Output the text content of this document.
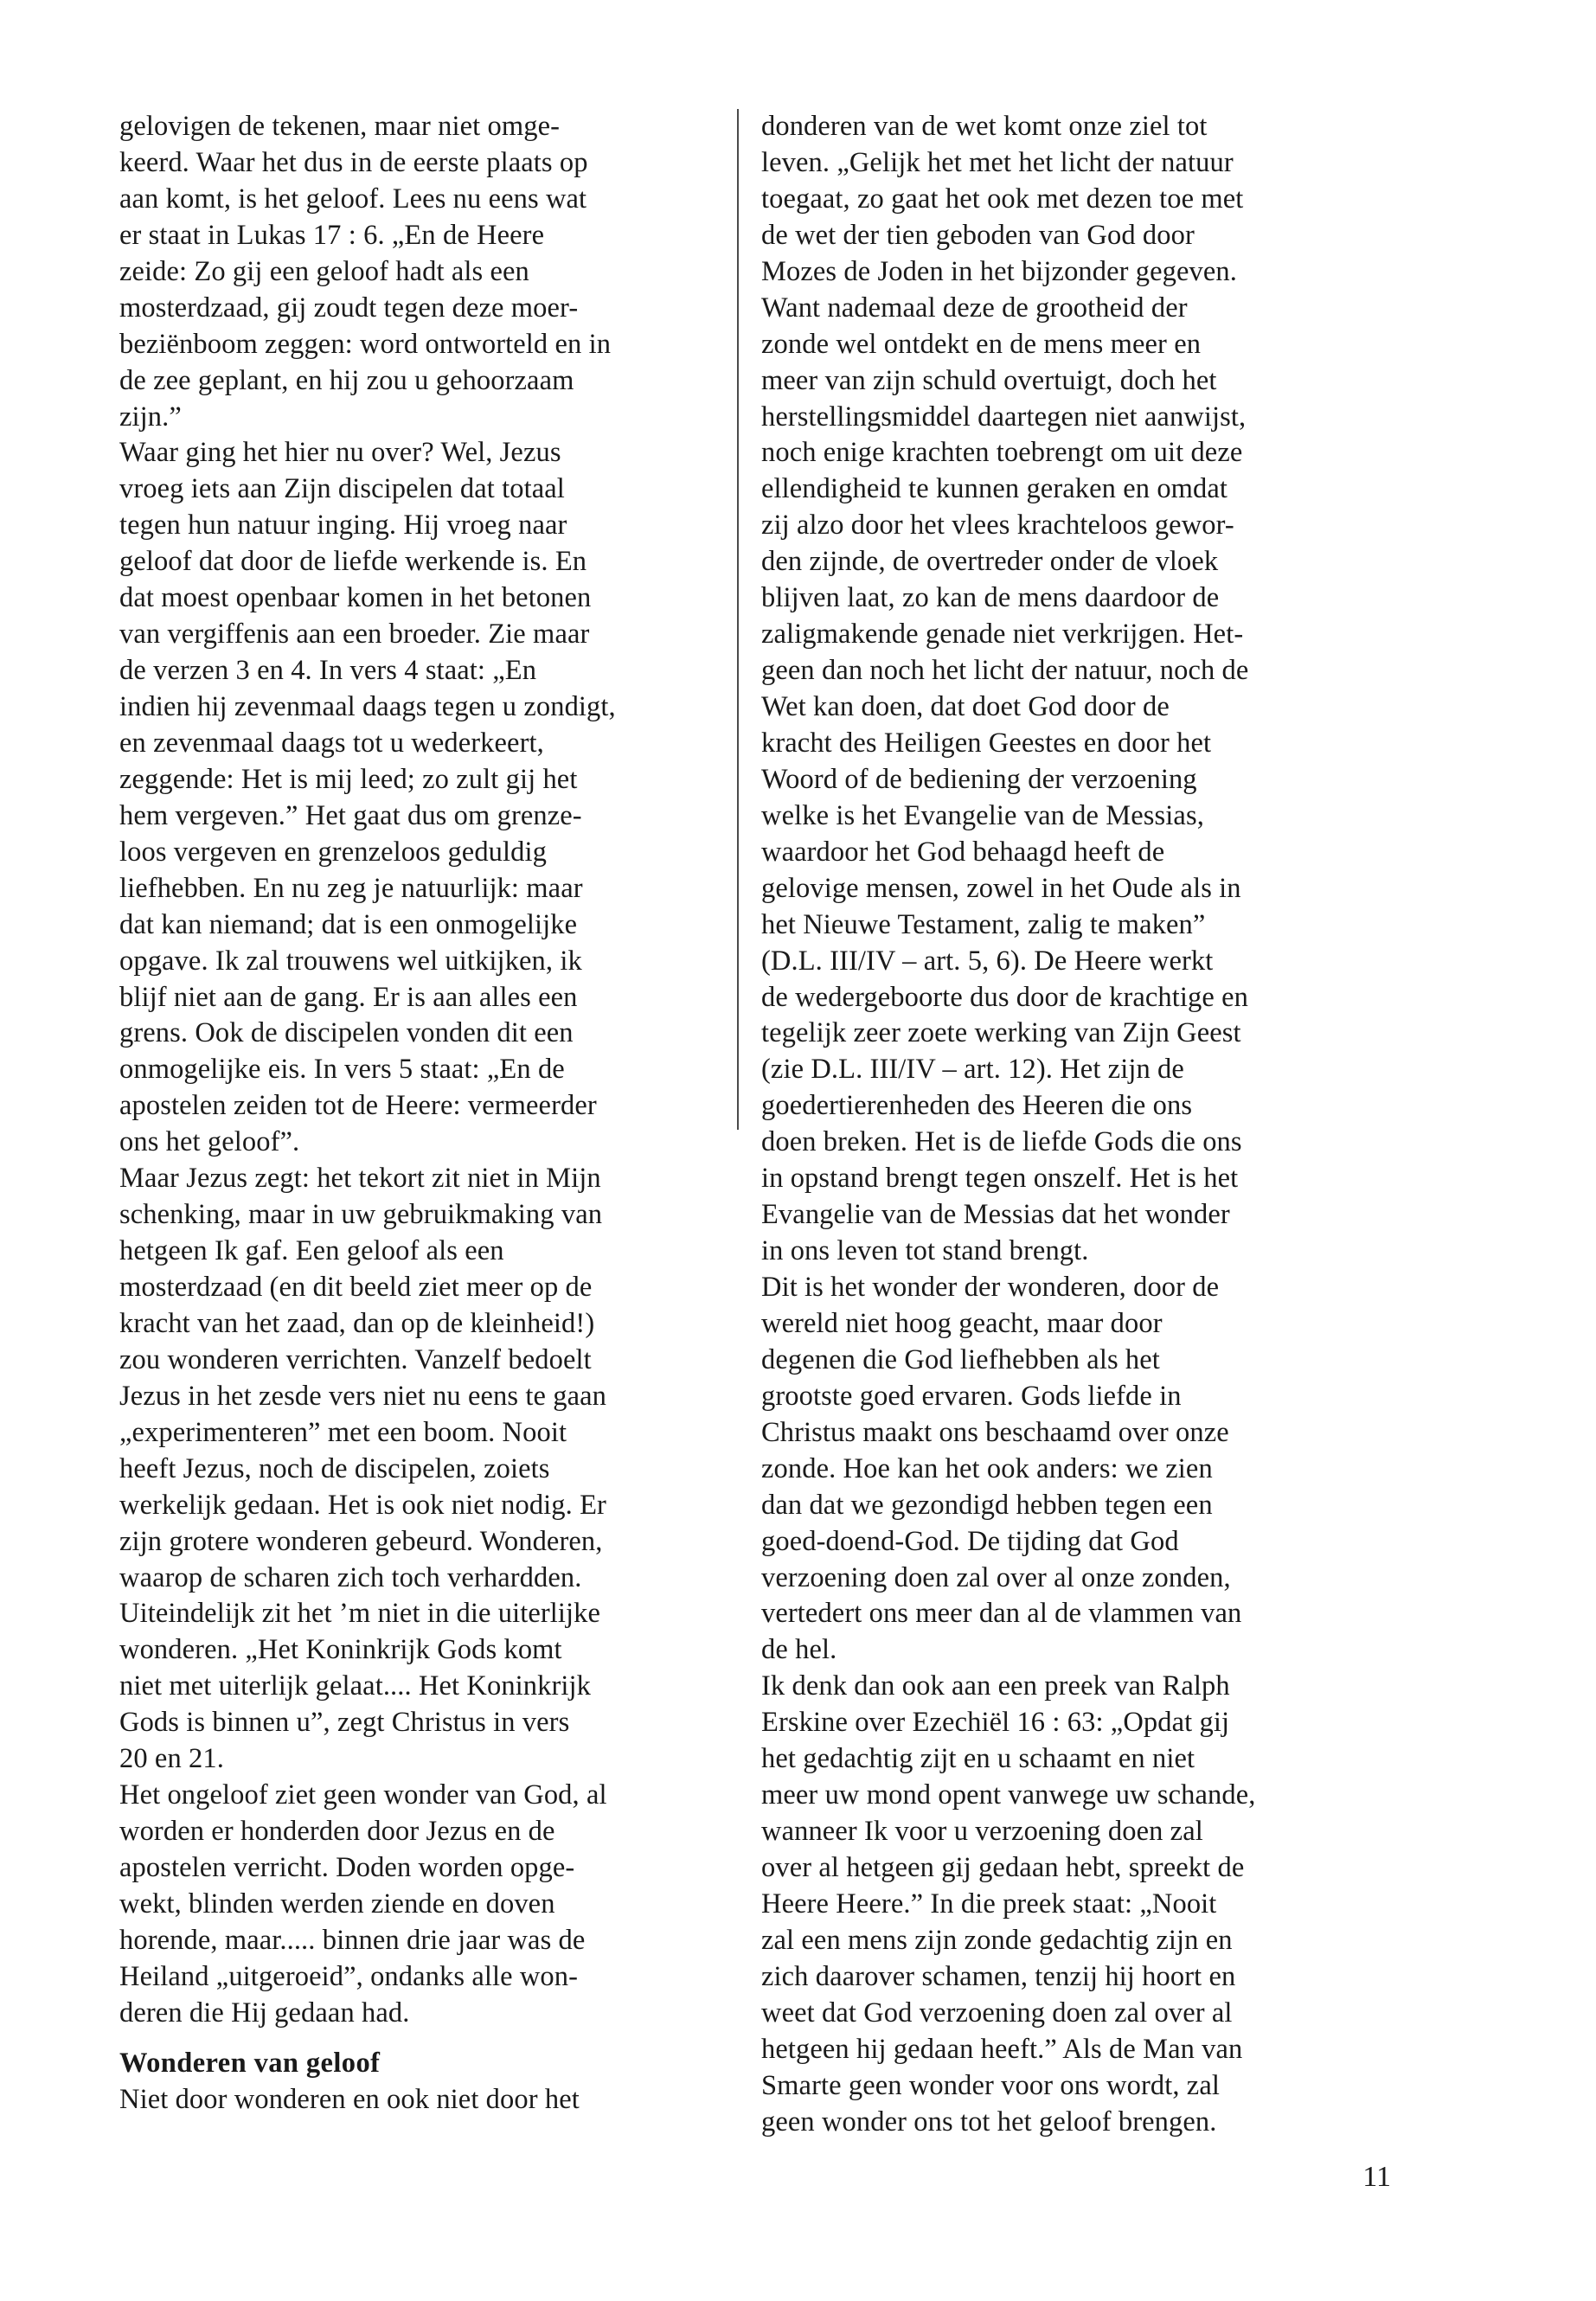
gelovigen de tekenen, maar niet omge-
keerd. Waar het dus in de eerste plaats op
aan komt, is het geloof. Lees nu eens wat
er staat in Lukas 17 : 6. „En de Heere
zeide: Zo gij een geloof hadt als een
mosterdzaad, gij zoudt tegen deze moer-
beziënboom zeggen: word ontworteld en in
de zee geplant, en hij zou u gehoorzaam
zijn.”
Waar ging het hier nu over? Wel, Jezus
vroeg iets aan Zijn discipelen dat totaal
tegen hun natuur inging. Hij vroeg naar
geloof dat door de liefde werkende is. En
dat moest openbaar komen in het betonen
van vergiffenis aan een broeder. Zie maar
de verzen 3 en 4. In vers 4 staat: „En
indien hij zevenmaal daags tegen u zondigt,
en zevenmaal daags tot u wederkeert,
zeggende: Het is mij leed; zo zult gij het
hem vergeven.” Het gaat dus om grenze-
loos vergeven en grenzeloos geduldig
liefhebben. En nu zeg je natuurlijk: maar
dat kan niemand; dat is een onmogelijke
opgave. Ik zal trouwens wel uitkijken, ik
blijf niet aan de gang. Er is aan alles een
grens. Ook de discipelen vonden dit een
onmogelijke eis. In vers 5 staat: „En de
apostelen zeiden tot de Heere: vermeerder
ons het geloof”.
Maar Jezus zegt: het tekort zit niet in Mijn
schenking, maar in uw gebruikmaking van
hetgeen Ik gaf. Een geloof als een
mosterdzaad (en dit beeld ziet meer op de
kracht van het zaad, dan op de kleinheid!)
zou wonderen verrichten. Vanzelf bedoelt
Jezus in het zesde vers niet nu eens te gaan
„experimenteren” met een boom. Nooit
heeft Jezus, noch de discipelen, zoiets
werkelijk gedaan. Het is ook niet nodig. Er
zijn grotere wonderen gebeurd. Wonderen,
waarop de scharen zich toch verhardden.
Uiteindelijk zit het ’m niet in die uiterlijke
wonderen. „Het Koninkrijk Gods komt
niet met uiterlijk gelaat.... Het Koninkrijk
Gods is binnen u”, zegt Christus in vers
20 en 21.
Het ongeloof ziet geen wonder van God, al
worden er honderden door Jezus en de
apostelen verricht. Doden worden opge-
wekt, blinden werden ziende en doven
horende, maar..... binnen drie jaar was de
Heiland „uitgeroeid”, ondanks alle won-
deren die Hij gedaan had.
Wonderen van geloof
Niet door wonderen en ook niet door het
donderen van de wet komt onze ziel tot
leven. „Gelijk het met het licht der natuur
toegaat, zo gaat het ook met dezen toe met
de wet der tien geboden van God door
Mozes de Joden in het bijzonder gegeven.
Want nademaal deze de grootheid der
zonde wel ontdekt en de mens meer en
meer van zijn schuld overtuigt, doch het
herstellingsmiddel daartegen niet aanwijst,
noch enige krachten toebrengt om uit deze
ellendigheid te kunnen geraken en omdat
zij alzo door het vlees krachteloos gewor-
den zijnde, de overtreder onder de vloek
blijven laat, zo kan de mens daardoor de
zaligmakende genade niet verkrijgen. Het-
geen dan noch het licht der natuur, noch de
Wet kan doen, dat doet God door de
kracht des Heiligen Geestes en door het
Woord of de bediening der verzoening
welke is het Evangelie van de Messias,
waardoor het God behaagd heeft de
gelovige mensen, zowel in het Oude als in
het Nieuwe Testament, zalig te maken”
(D.L. III/IV – art. 5, 6). De Heere werkt
de wedergeboorte dus door de krachtige en
tegelijk zeer zoete werking van Zijn Geest
(zie D.L. III/IV – art. 12). Het zijn de
goedertierenheden des Heeren die ons
doen breken. Het is de liefde Gods die ons
in opstand brengt tegen onszelf. Het is het
Evangelie van de Messias dat het wonder
in ons leven tot stand brengt.
Dit is het wonder der wonderen, door de
wereld niet hoog geacht, maar door
degenen die God liefhebben als het
grootste goed ervaren. Gods liefde in
Christus maakt ons beschaamd over onze
zonde. Hoe kan het ook anders: we zien
dan dat we gezondigd hebben tegen een
goed-doend-God. De tijding dat God
verzoening doen zal over al onze zonden,
vertedert ons meer dan al de vlammen van
de hel.
Ik denk dan ook aan een preek van Ralph
Erskine over Ezechiël 16 : 63: „Opdat gij
het gedachtig zijt en u schaamt en niet
meer uw mond opent vanwege uw schande,
wanneer Ik voor u verzoening doen zal
over al hetgeen gij gedaan hebt, spreekt de
Heere Heere.” In die preek staat: „Nooit
zal een mens zijn zonde gedachtig zijn en
zich daarover schamen, tenzij hij hoort en
weet dat God verzoening doen zal over al
hetgeen hij gedaan heeft.” Als de Man van
Smarte geen wonder voor ons wordt, zal
geen wonder ons tot het geloof brengen.
11
